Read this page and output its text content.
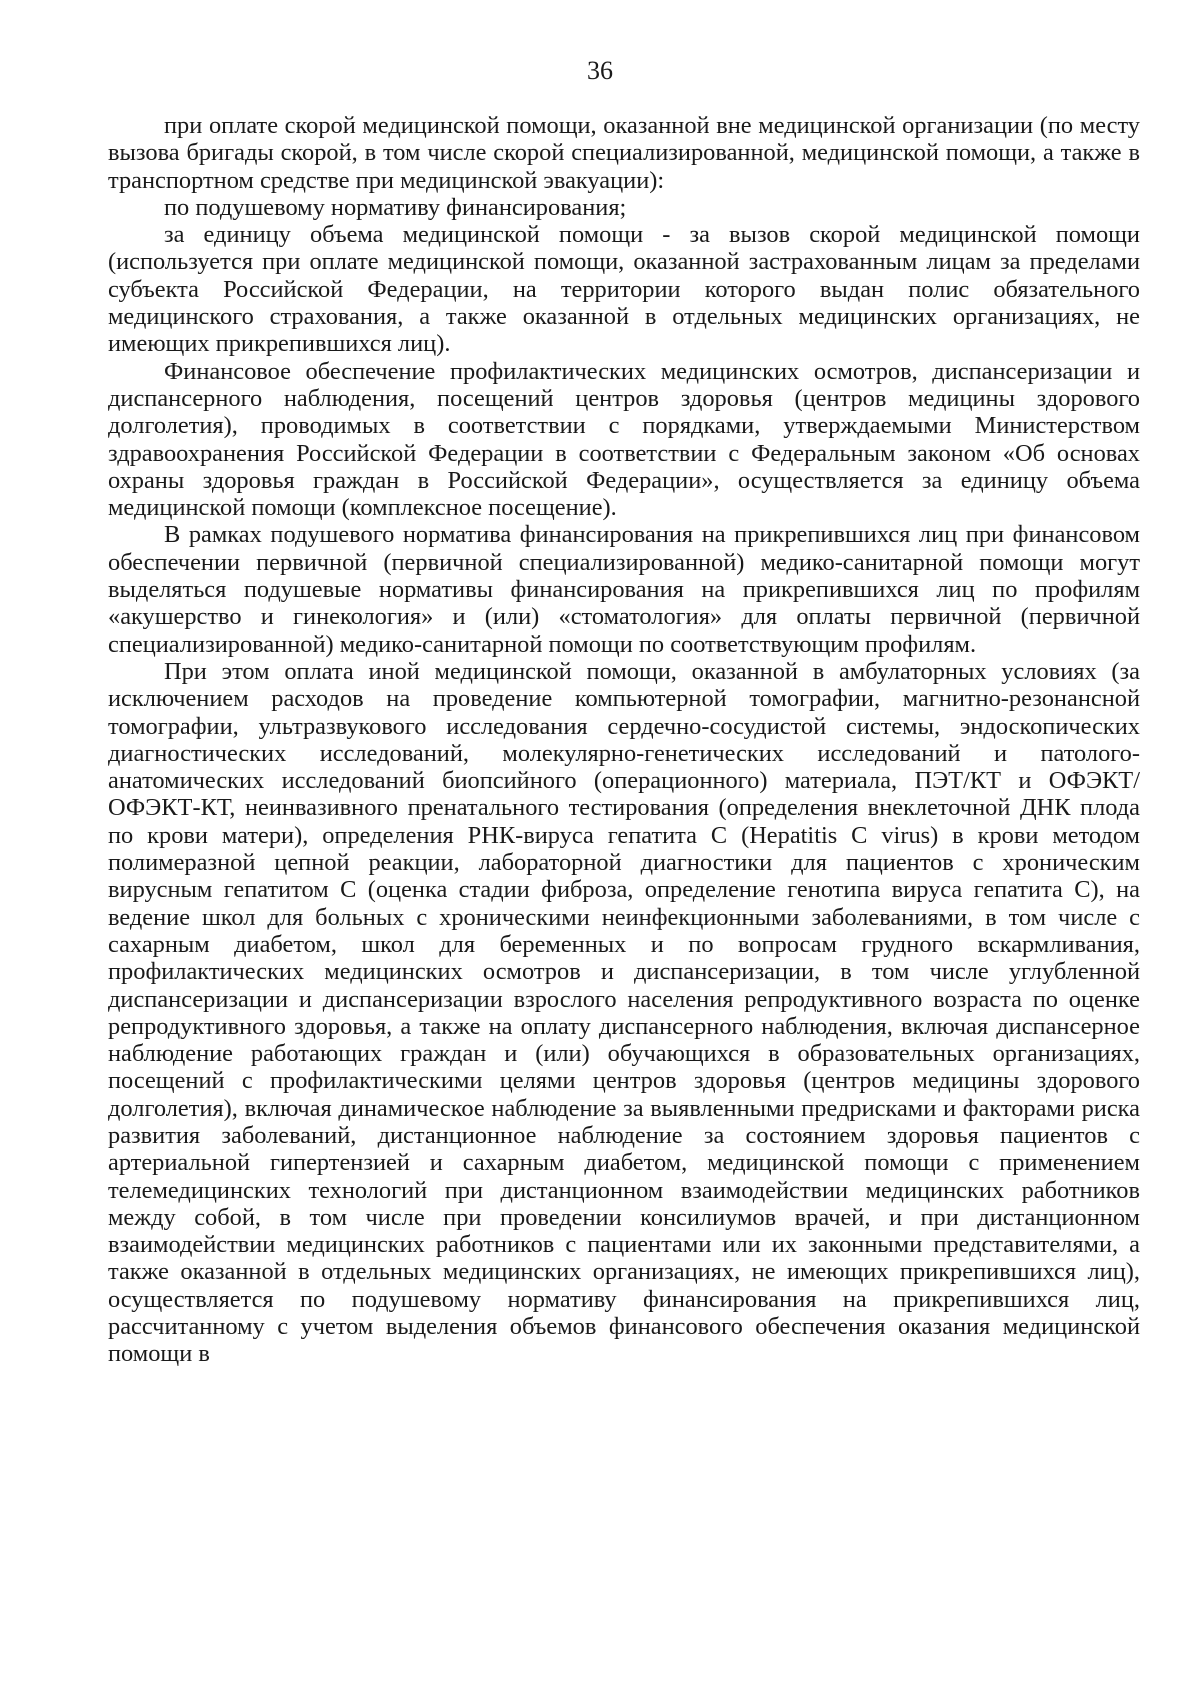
36

при оплате скорой медицинской помощи, оказанной вне медицинской организации (по месту вызова бригады скорой, в том числе скорой специализированной, медицинской помощи, а также в транспортном средстве при медицинской эвакуации):

по подушевому нормативу финансирования;

за единицу объема медицинской помощи - за вызов скорой медицинской помощи (используется при оплате медицинской помощи, оказанной застрахованным лицам за пределами субъекта Российской Федерации, на территории которого выдан полис обязательного медицинского страхования, а также оказанной в отдельных медицинских организациях, не имеющих прикрепившихся лиц).

Финансовое обеспечение профилактических медицинских осмотров, диспансеризации и диспансерного наблюдения, посещений центров здоровья (центров медицины здорового долголетия), проводимых в соответствии с порядками, утверждаемыми Министерством здравоохранения Российской Федерации в соответствии с Федеральным законом «Об основах охраны здоровья граждан в Российской Федерации», осуществляется за единицу объема медицинской помощи (комплексное посещение).

В рамках подушевого норматива финансирования на прикрепившихся лиц при финансовом обеспечении первичной (первичной специализированной) медико-санитарной помощи могут выделяться подушевые нормативы финансирования на прикрепившихся лиц по профилям «акушерство и гинекология» и (или) «стоматология» для оплаты первичной (первичной специализированной) медико-санитарной помощи по соответствующим профилям.

При этом оплата иной медицинской помощи, оказанной в амбулаторных условиях (за исключением расходов на проведение компьютерной томографии, магнитно-резонансной томографии, ультразвукового исследования сердечно-сосудистой системы, эндоскопических диагностических исследований, молекулярно-генетических исследований и патолого-анатомических исследований биопсийного (операционного) материала, ПЭТ/КТ и ОФЭКТ/ОФЭКТ-КТ, неинвазивного пренатального тестирования (определения внеклеточной ДНК плода по крови матери), определения РНК-вируса гепатита С (Hepatitis C virus) в крови методом полимеразной цепной реакции, лабораторной диагностики для пациентов с хроническим вирусным гепатитом С (оценка стадии фиброза, определение генотипа вируса гепатита С), на ведение школ для больных с хроническими неинфекционными заболеваниями, в том числе с сахарным диабетом, школ для беременных и по вопросам грудного вскармливания, профилактических медицинских осмотров и диспансеризации, в том числе углубленной диспансеризации и диспансеризации взрослого населения репродуктивного возраста по оценке репродуктивного здоровья, а также на оплату диспансерного наблюдения, включая диспансерное наблюдение работающих граждан и (или) обучающихся в образовательных организациях, посещений с профилактическими целями центров здоровья (центров медицины здорового долголетия), включая динамическое наблюдение за выявленными предрисками и факторами риска развития заболеваний, дистанционное наблюдение за состоянием здоровья пациентов с артериальной гипертензией и сахарным диабетом, медицинской помощи с применением телемедицинских технологий при дистанционном взаимодействии медицинских работников между собой, в том числе при проведении консилиумов врачей, и при дистанционном взаимодействии медицинских работников с пациентами или их законными представителями, а также оказанной в отдельных медицинских организациях, не имеющих прикрепившихся лиц), осуществляется по подушевому нормативу финансирования на прикрепившихся лиц, рассчитанному с учетом выделения объемов финансового обеспечения оказания медицинской помощи в
